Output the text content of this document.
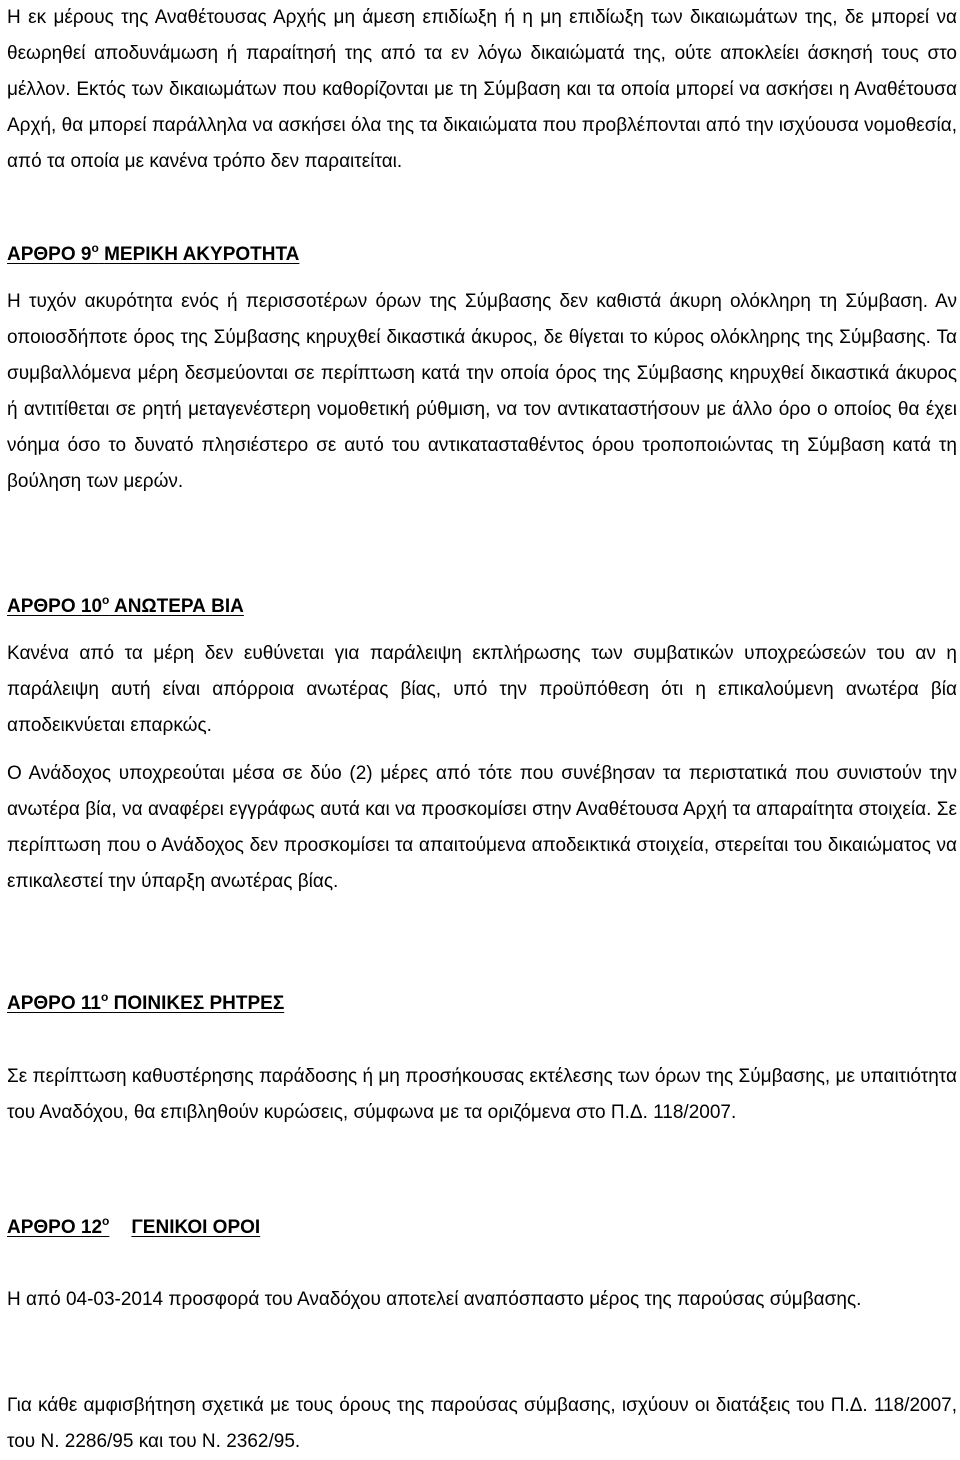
Η εκ μέρους της Αναθέτουσας Αρχής μη άμεση επιδίωξη ή η μη επιδίωξη των δικαιωμάτων της, δε μπορεί να θεωρηθεί αποδυνάμωση ή παραίτησή της από τα εν λόγω δικαιώματά της, ούτε αποκλείει άσκησή τους στο μέλλον. Εκτός των δικαιωμάτων που καθορίζονται με τη Σύμβαση και τα οποία μπορεί να ασκήσει η Αναθέτουσα Αρχή, θα μπορεί παράλληλα να ασκήσει όλα της τα δικαιώματα που προβλέπονται από την ισχύουσα νομοθεσία, από τα οποία με κανένα τρόπο δεν παραιτείται.

ΑΡΘΡΟ $9^o$ ΜΕΡΙΚΗ ΑΚΥΡΟΤΗΤΑ

Η τυχόν ακυρότητα ενός ή περισσοτέρων όρων της Σύμβασης δεν καθιστά άκυρη ολόκληρη τη Σύμβαση. Αν οποιοσδήποτε όρος της Σύμβασης κηρυχθεί δικαστικά άκυρος, δε θίγεται το κύρος ολόκληρης της Σύμβασης. Τα συμβαλλόμενα μέρη δεσμεύονται σε περίπτωση κατά την οποία όρος της Σύμβασης κηρυχθεί δικαστικά άκυρος ή αντιτίθεται σε ρητή μεταγενέστερη νομοθετική ρύθμιση, να τον αντικαταστήσουν με άλλο όρο ο οποίος θα έχει νόημα όσο το δυνατό πλησιέστερο σε αυτό του αντικατασταθέντος όρου τροποποιώντας τη Σύμβαση κατά τη βούληση των μερών.

ΑΡΘΡΟ $10^o$ ΑΝΩΤΕΡΑ ΒΙΑ

Κανένα από τα μέρη δεν ευθύνεται για παράλειψη εκπλήρωσης των συμβατικών υποχρεώσεών του αν η παράλειψη αυτή είναι απόρροια ανωτέρας βίας, υπό την προϋπόθεση ότι η επικαλούμενη ανωτέρα βία αποδεικνύεται επαρκώς.

Ο Ανάδοχος υποχρεούται μέσα σε δύο (2) μέρες από τότε που συνέβησαν τα περιστατικά που συνιστούν την ανωτέρα βία, να αναφέρει εγγράφως αυτά και να προσκομίσει στην Αναθέτουσα Αρχή τα απαραίτητα στοιχεία. Σε περίπτωση που ο Ανάδοχος δεν προσκομίσει τα απαιτούμενα αποδεικτικά στοιχεία, στερείται του δικαιώματος να επικαλεστεί την ύπαρξη ανωτέρας βίας.

ΑΡΘΡΟ $11^o$ ΠΟΙΝΙΚΕΣ ΡΗΤΡΕΣ

Σε περίπτωση καθυστέρησης παράδοσης ή μη προσήκουσας εκτέλεσης των όρων της Σύμβασης, με υπαιτιότητα του Αναδόχου, θα επιβληθούν κυρώσεις, σύμφωνα με τα οριζόμενα στο Π.Δ. 118/2007.

ΑΡΘΡΟ $12^o$ ΓΕΝΙΚΟΙ ΟΡΟΙ

Η από 04-03-2014 προσφορά του Αναδόχου αποτελεί αναπόσπαστο μέρος της παρούσας σύμβασης.

Για κάθε αμφισβήτηση σχετικά με τους όρους της παρούσας σύμβασης, ισχύουν οι διατάξεις του Π.Δ. 118/2007, του Ν. 2286/95 και του Ν. 2362/95.
